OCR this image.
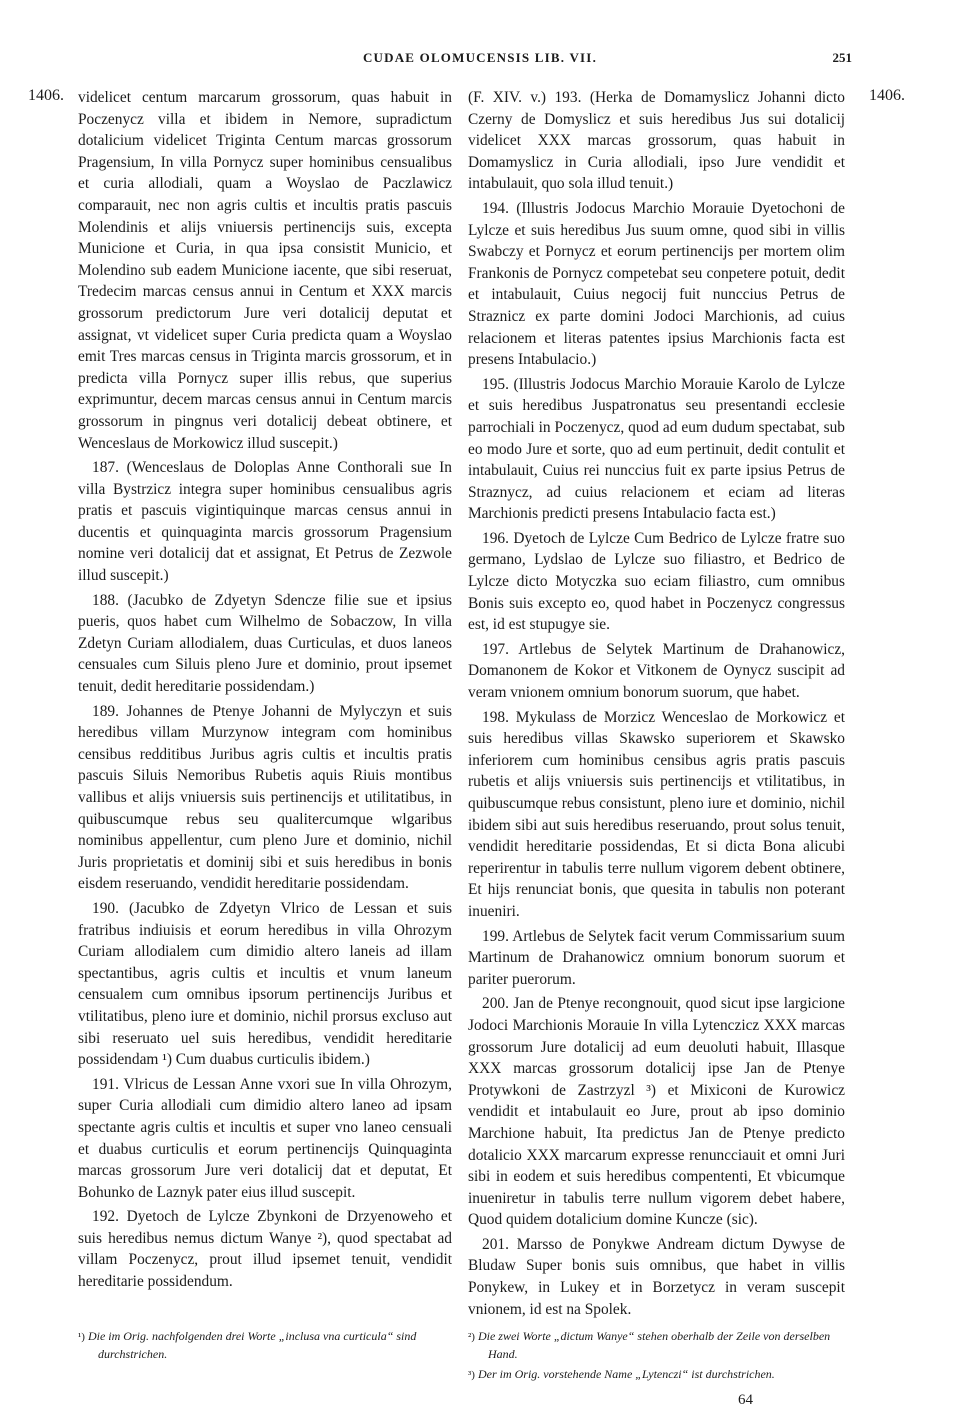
CUDAE OLOMUCENSIS LIB. VII.	251
1406.	1406.

videlicet centum marcarum grossorum, quas habuit in Poczenycz villa et ibidem in Nemore, supradictum dotalicium videlicet Triginta Centum marcas grossorum Pragensium, In villa Pornycz super hominibus censualibus et curia allodiali, quam a Woyslao de Paczlawicz comparauit, nec non agris cultis et incultis pratis pascuis Molendinis et alijs vniuersis pertinencijs suis, excepta Municione et Curia, in qua ipsa consistit Municio, et Molendino sub eadem Municione iacente, que sibi reseruat, Tredecim marcas census annui in Centum et XXX marcis grossorum predictorum Jure veri dotalicij deputat et assignat, vt videlicet super Curia predicta quam a Woyslao emit Tres marcas census in Triginta marcis grossorum, et in predicta villa Pornycz super illis rebus, que superius exprimuntur, decem marcas census annui in Centum marcis grossorum in pingnus veri dotalicij debeat obtinere, et Wenceslaus de Morkowicz illud suscepit.)

187. (Wenceslaus de Doloplas Anne Conthorali sue In villa Bystrzicz integra super hominibus censualibus agris pratis et pascuis vigintiquinque marcas census annui in ducentis et quinquaginta marcis grossorum Pragensium nomine veri dotalicij dat et assignat, Et Petrus de Zezwole illud suscepit.)

188. (Jacubko de Zdyetyn Sdencze filie sue et ipsius pueris, quos habet cum Wilhelmo de Sobaczow, In villa Zdetyn Curiam allodialem, duas Curticulas, et duos laneos censuales cum Siluis pleno Jure et dominio, prout ipsemet tenuit, dedit hereditarie possidendam.)

189. Johannes de Ptenye Johanni de Mylyczyn et suis heredibus villam Murzynow integram com hominibus censibus redditibus Juribus agris cultis et incultis pratis pascuis Siluis Nemoribus Rubetis aquis Riuis montibus vallibus et alijs vniuersis suis pertinencijs et utilitatibus, in quibuscumque rebus seu qualitercumque wlgaribus nominibus appellentur, cum pleno Jure et dominio, nichil Juris proprietatis et dominij sibi et suis heredibus in bonis eisdem reseruando, vendidit hereditarie possidendam.

190. (Jacubko de Zdyetyn Vlrico de Lessan et suis fratribus indiuisis et eorum heredibus in villa Ohrozym Curiam allodialem cum dimidio altero laneis ad illam spectantibus, agris cultis et incultis et vnum laneum censualem cum omnibus ipsorum pertinencijs Juribus et vtilitatibus, pleno iure et dominio, nichil prorsus excluso aut sibi reseruato uel suis heredibus, vendidit hereditarie possidendam ¹) Cum duabus curticulis ibidem.)

191. Vlricus de Lessan Anne vxori sue In villa Ohrozym, super Curia allodiali cum dimidio altero laneo ad ipsam spectante agris cultis et incultis et super vno laneo censuali et duabus curticulis et eorum pertinencijs Quinquaginta marcas grossorum Jure veri dotalicij dat et deputat, Et Bohunko de Laznyk pater eius illud suscepit.

192. Dyetoch de Lylcze Zbynkoni de Drzyenoweho et suis heredibus nemus dictum Wanye ²), quod spectabat ad villam Poczenycz, prout illud ipsemet tenuit, vendidit hereditarie possidendum.

(F. XIV. v.) 193. (Herka de Domamyslicz Johanni dicto Czerny de Domyslicz et suis heredibus Jus sui dotalicij videlicet XXX marcas grossorum, quas habuit in Domamyslicz in Curia allodiali, ipso Jure vendidit et intabulauit, quo sola illud tenuit.)

194. (Illustris Jodocus Marchio Morauie Dyetochoni de Lylcze et suis heredibus Jus suum omne, quod sibi in villis Swabczy et Pornycz et eorum pertinencijs per mortem olim Frankonis de Pornycz competebat seu conpetere potuit, dedit et intabulauit, Cuius negocij fuit nunccius Petrus de Straznicz ex parte domini Jodoci Marchionis, ad cuius relacionem et literas patentes ipsius Marchionis facta est presens Intabulacio.)

195. (Illustris Jodocus Marchio Morauie Karolo de Lylcze et suis heredibus Juspatronatus seu presentandi ecclesie parrochiali in Poczenycz, quod ad eum dudum spectabat, sub eo modo Jure et sorte, quo ad eum pertinuit, dedit contulit et intabulauit, Cuius rei nunccius fuit ex parte ipsius Petrus de Straznycz, ad cuius relacionem et eciam ad literas Marchionis predicti presens Intabulacio facta est.)

196. Dyetoch de Lylcze Cum Bedrico de Lylcze fratre suo germano, Lydslao de Lylcze suo filiastro, et Bedrico de Lylcze dicto Motyczka suo eciam filiastro, cum omnibus Bonis suis excepto eo, quod habet in Poczenycz congressus est, id est stupugye sie.

197. Artlebus de Selytek Martinum de Drahanowicz, Domanonem de Kokor et Vitkonem de Oynycz suscipit ad veram vnionem omnium bonorum suorum, que habet.

198. Mykulass de Morzicz Wenceslao de Morkowicz et suis heredibus villas Skawsko superiorem et Skawsko inferiorem cum hominibus censibus agris pratis pascuis rubetis et alijs vniuersis suis pertinencijs et vtilitatibus, in quibuscumque rebus consistunt, pleno iure et dominio, nichil ibidem sibi aut suis heredibus reseruando, prout solus tenuit, vendidit hereditarie possidendas, Et si dicta Bona alicubi reperirentur in tabulis terre nullum vigorem debent obtinere, Et hijs renunciat bonis, que quesita in tabulis non poterant inueniri.

199. Artlebus de Selytek facit verum Commissarium suum Martinum de Drahanowicz omnium bonorum suorum et pariter puerorum.

200. Jan de Ptenye recongnouit, quod sicut ipse largicione Jodoci Marchionis Morauie In villa Lytenczicz XXX marcas grossorum Jure dotalicij ad eum deuoluti habuit, Illasque XXX marcas grossorum dotalicij ipse Jan de Ptenye Protywkoni de Zastrzyzl ³) et Mixiconi de Kurowicz vendidit et intabulauit eo Jure, prout ab ipso dominio Marchione habuit, Ita predictus Jan de Ptenye predicto dotalicio XXX marcarum expresse renuncciauit et omni Juri sibi in eodem et suis heredibus compententi, Et vbicumque inueniretur in tabulis terre nullum vigorem debet habere, Quod quidem dotalicium domine Kuncze (sic).

201. Marsso de Ponykwe Andream dictum Dywyse de Bludaw Super bonis suis omnibus, que habet in villis Ponykew, in Lukey et in Borzetycz in veram suscepit vnionem, id est na Spolek.

¹) Die im Orig. nachfolgenden drei Worte „inclusa vna curticula“ sind durchstrichen.

²) Die zwei Worte „dictum Wanye“ stehen oberhalb der Zeile von derselben Hand.

³) Der im Orig. vorstehende Name „Lytenczi“ ist durchstrichen.

64
